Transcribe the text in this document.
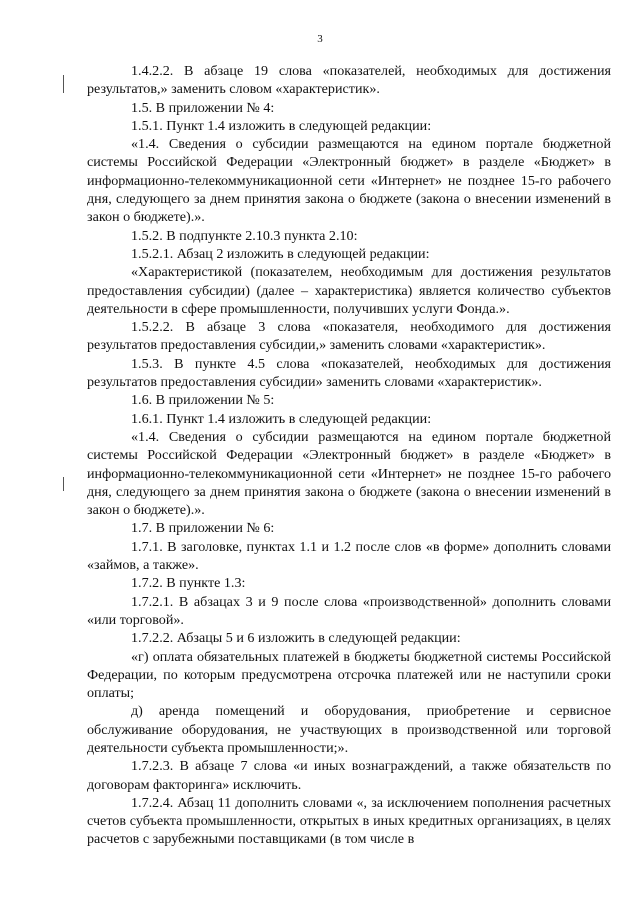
3

1.4.2.2. В абзаце 19 слова «показателей, необходимых для достижения результатов,» заменить словом «характеристик».

1.5. В приложении № 4:

1.5.1. Пункт 1.4 изложить в следующей редакции:

«1.4. Сведения о субсидии размещаются на едином портале бюджетной системы Российской Федерации «Электронный бюджет» в разделе «Бюджет» в информационно-телекоммуникационной сети «Интернет» не позднее 15-го рабочего дня, следующего за днем принятия закона о бюджете (закона о внесении изменений в закон о бюджете).».

1.5.2. В подпункте 2.10.3 пункта 2.10:

1.5.2.1. Абзац 2 изложить в следующей редакции:

«Характеристикой (показателем, необходимым для достижения результатов предоставления субсидии) (далее – характеристика) является количество субъектов деятельности в сфере промышленности, получивших услуги Фонда.».

1.5.2.2. В абзаце 3 слова «показателя, необходимого для достижения результатов предоставления субсидии,» заменить словами «характеристик».

1.5.3. В пункте 4.5 слова «показателей, необходимых для достижения результатов предоставления субсидии» заменить словами «характеристик».

1.6. В приложении № 5:

1.6.1. Пункт 1.4 изложить в следующей редакции:

«1.4. Сведения о субсидии размещаются на едином портале бюджетной системы Российской Федерации «Электронный бюджет» в разделе «Бюджет» в информационно-телекоммуникационной сети «Интернет» не позднее 15-го рабочего дня, следующего за днем принятия закона о бюджете (закона о внесении изменений в закон о бюджете).».

1.7. В приложении № 6:

1.7.1. В заголовке, пунктах 1.1 и 1.2 после слов «в форме» дополнить словами «займов, а также».

1.7.2. В пункте 1.3:

1.7.2.1. В абзацах 3 и 9 после слова «производственной» дополнить словами «или торговой».

1.7.2.2. Абзацы 5 и 6 изложить в следующей редакции:

«г) оплата обязательных платежей в бюджеты бюджетной системы Российской Федерации, по которым предусмотрена отсрочка платежей или не наступили сроки оплаты;

д) аренда помещений и оборудования, приобретение и сервисное обслуживание оборудования, не участвующих в производственной или торговой деятельности субъекта промышленности;».

1.7.2.3. В абзаце 7 слова «и иных вознаграждений, а также обязательств по договорам факторинга» исключить.

1.7.2.4. Абзац 11 дополнить словами «, за исключением пополнения расчетных счетов субъекта промышленности, открытых в иных кредитных организациях, в целях расчетов с зарубежными поставщиками (в том числе в
